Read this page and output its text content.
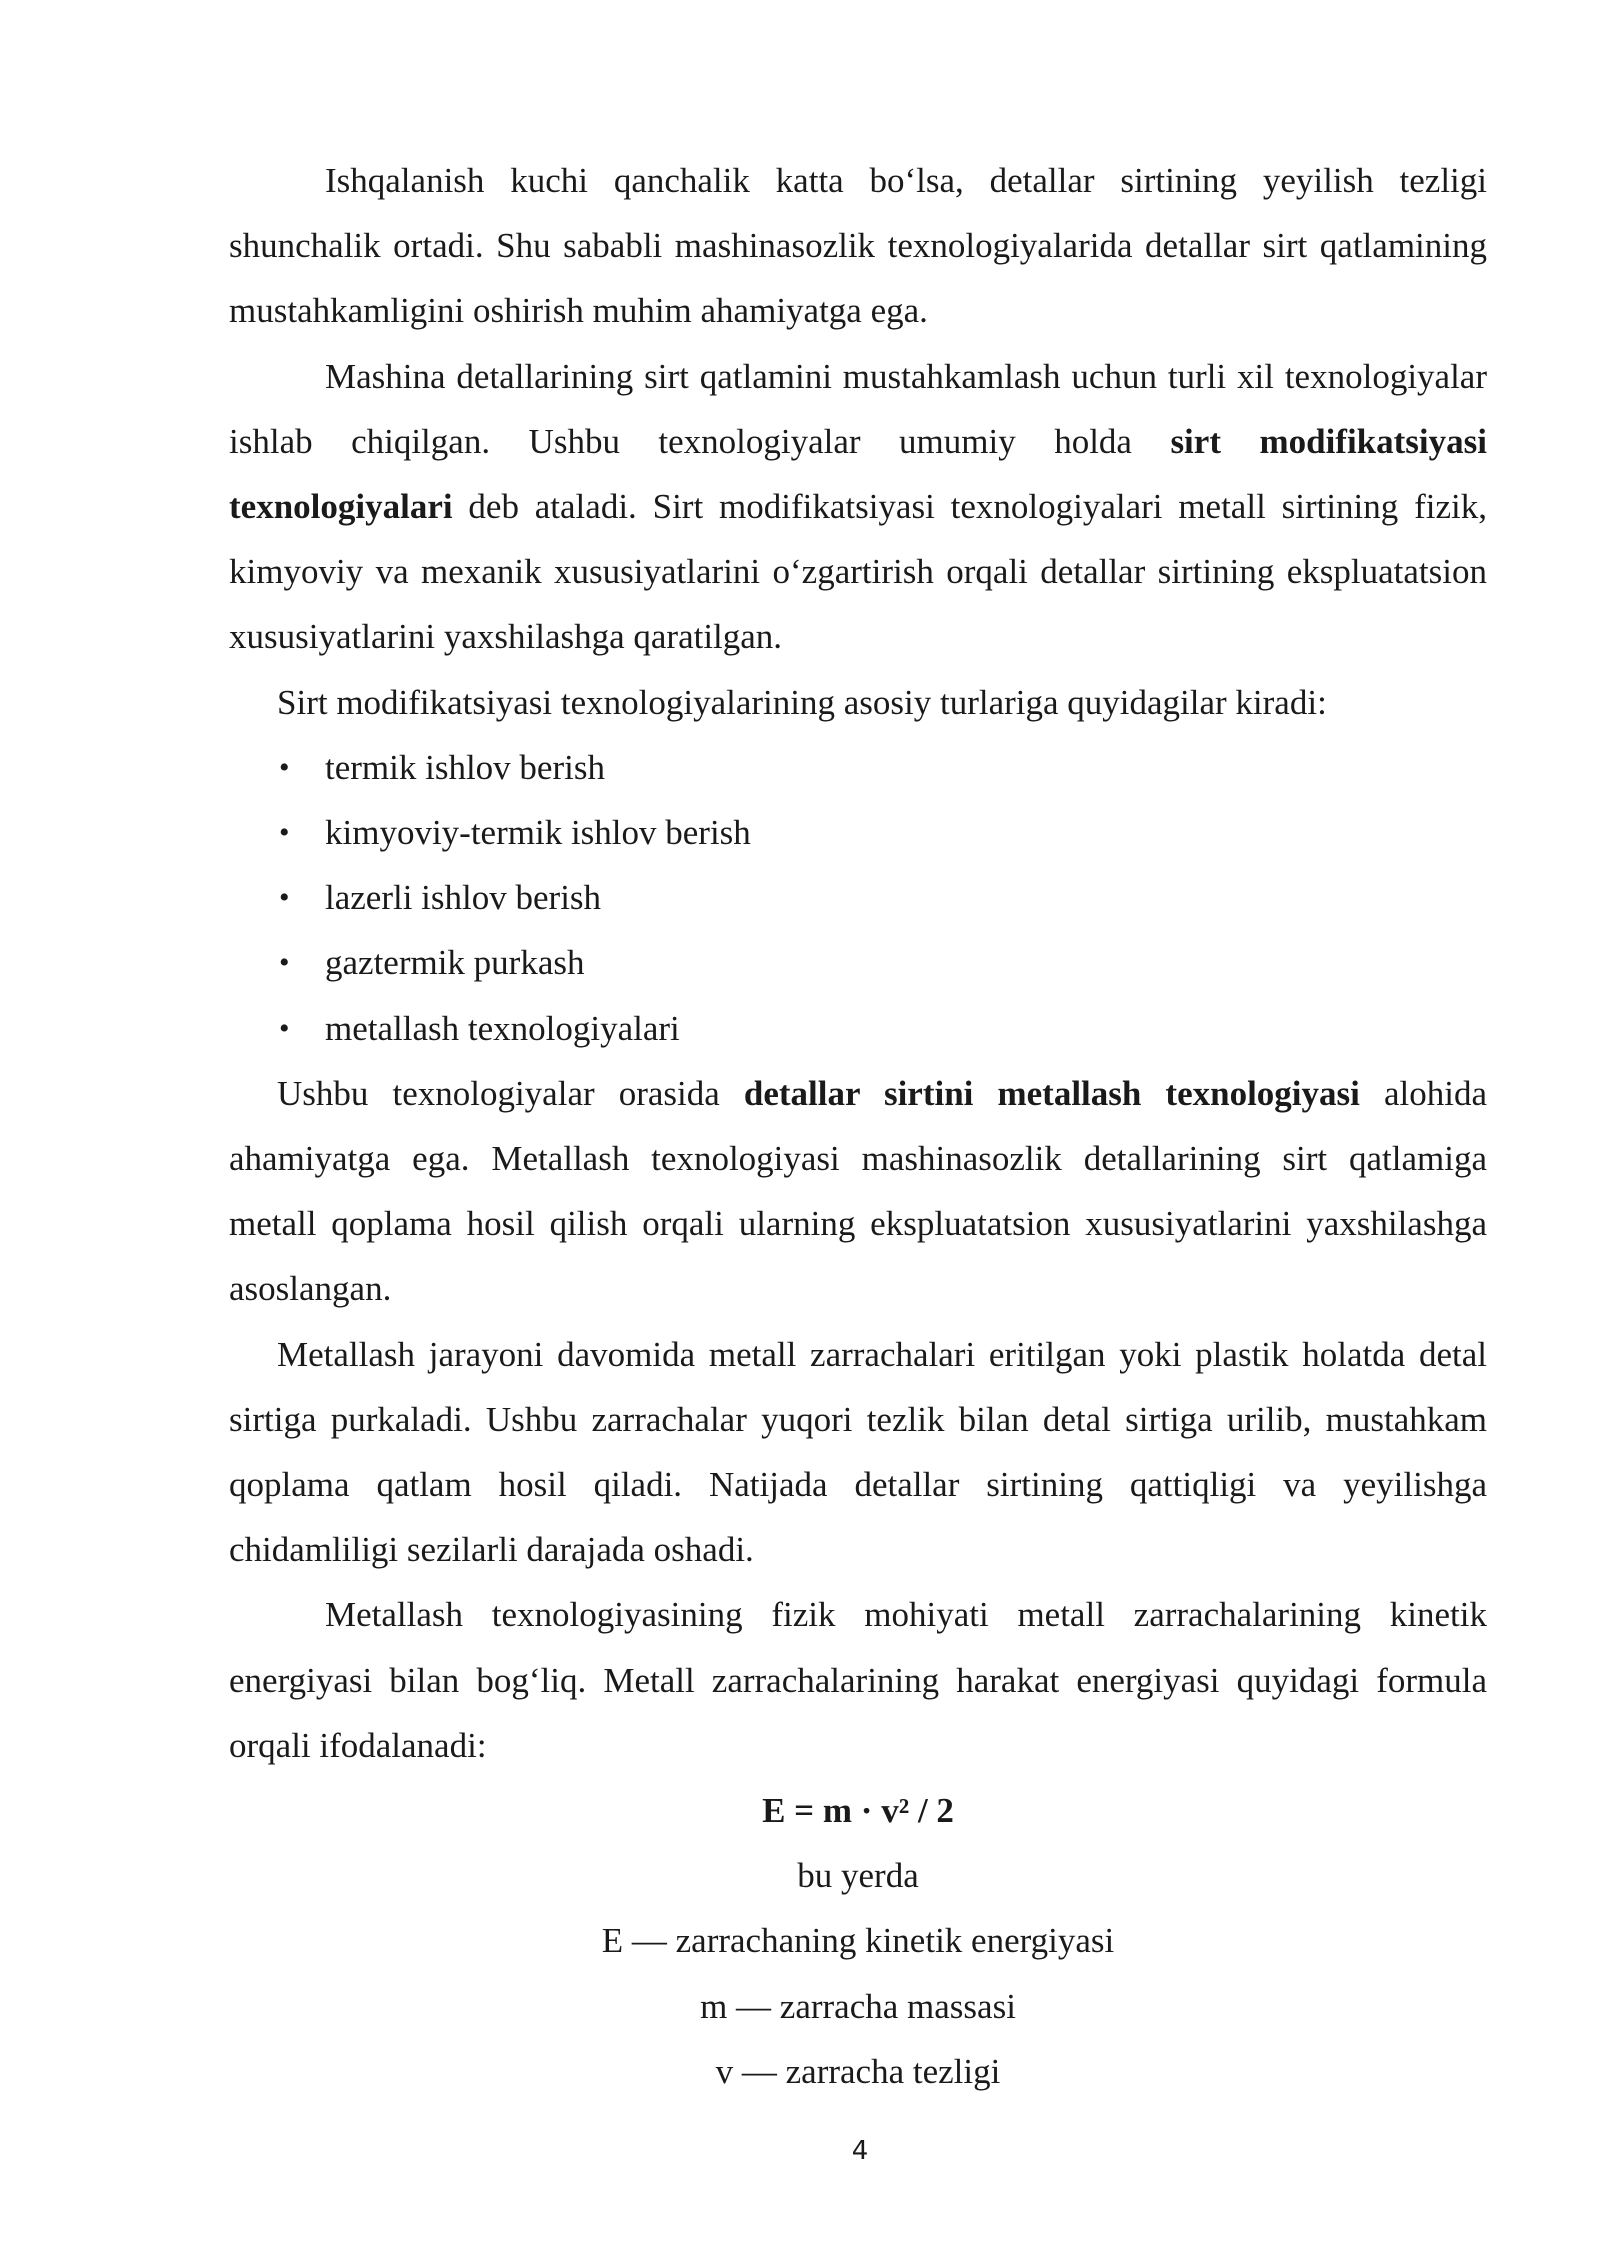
Ishqalanish kuchi qanchalik katta bo‘lsa, detallar sirtining yeyilish tezligi shunchalik ortadi. Shu sababli mashinasozlik texnologiyalarida detallar sirt qatlamining mustahkamligini oshirish muhim ahamiyatga ega.

Mashina detallarining sirt qatlamini mustahkamlash uchun turli xil texnologiyalar ishlab chiqilgan. Ushbu texnologiyalar umumiy holda sirt modifikatsiyasi texnologiyalari deb ataladi. Sirt modifikatsiyasi texnologiyalari metall sirtining fizik, kimyoviy va mexanik xususiyatlarini o‘zgartirish orqali detallar sirtining ekspluatatsion xususiyatlarini yaxshilashga qaratilgan.

Sirt modifikatsiyasi texnologiyalarining asosiy turlariga quyidagilar kiradi:

• termik ishlov berish
• kimyoviy-termik ishlov berish
• lazerli ishlov berish
• gaztermik purkash
• metallash texnologiyalari

Ushbu texnologiyalar orasida detallar sirtini metallash texnologiyasi alohida ahamiyatga ega. Metallash texnologiyasi mashinasozlik detallarining sirt qatlamiga metall qoplama hosil qilish orqali ularning ekspluatatsion xususiyatlarini yaxshilashga asoslangan.

Metallash jarayoni davomida metall zarrachalari eritilgan yoki plastik holatda detal sirtiga purkaladi. Ushbu zarrachalar yuqori tezlik bilan detal sirtiga urilib, mustahkam qoplama qatlam hosil qiladi. Natijada detallar sirtining qattiqligi va yeyilishga chidamliligi sezilarli darajada oshadi.

Metallash texnologiyasining fizik mohiyati metall zarrachalarining kinetik energiyasi bilan bog‘liq. Metall zarrachalarining harakat energiyasi quyidagi formula orqali ifodalanadi:

E = m · v² / 2

bu yerda

E — zarrachaning kinetik energiyasi

m — zarracha massasi

v — zarracha tezligi

4
